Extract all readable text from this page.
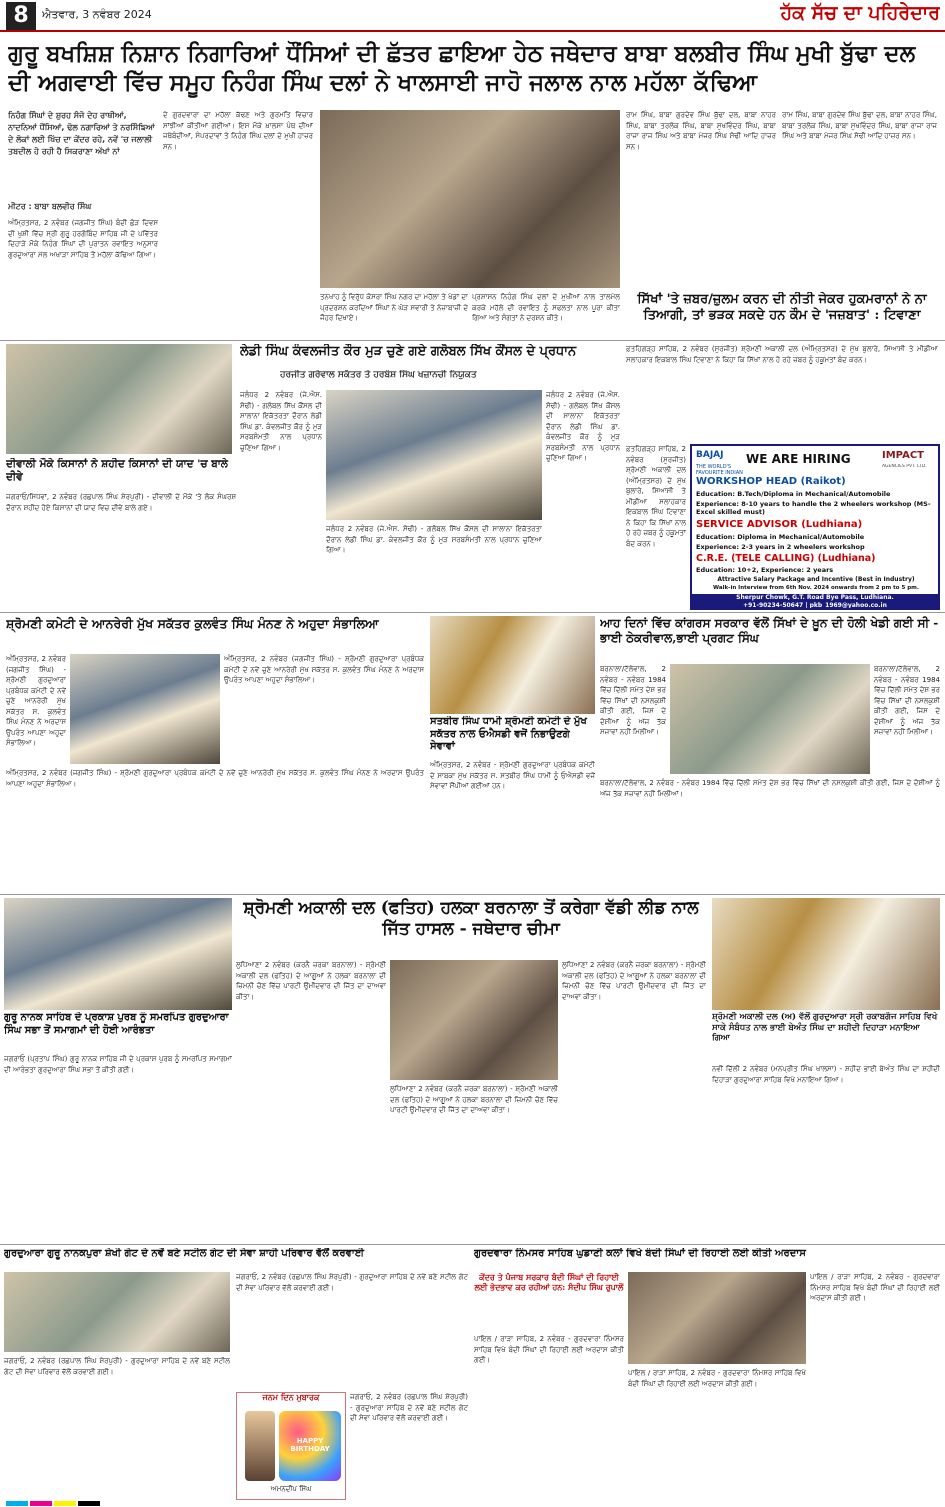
8	ਐਤਵਾਰ, 3 ਨਵੰਬਰ 2024	ਹੱਕ ਸੱਚ ਦਾ ਪਹਿਰੇਦਾਰ
ਗੁਰੂ ਬਖਸ਼ਿਸ਼ ਨਿਸ਼ਾਨ ਨਿਗਾਰਿਆਂ ਧੌਂਸਿਆਂ ਦੀ ਛੱਤਰ ਛਾਇਆ ਹੇਠ ਜਥੇਦਾਰ ਬਾਬਾ ਬਲਬੀਰ ਸਿੰਘ ਮੁਖੀ ਬੁੱਢਾ ਦਲ ਦੀ ਅਗਵਾਈ ਵਿੱਚ ਸਮੂਹ ਨਿਹੰਗ ਸਿੰਘ ਦਲਾਂ ਨੇ ਖਾਲਸਾਈ ਜਾਹੋ ਜਲਾਲ ਨਾਲ ਮਹੱਲਾ ਕੱਢਿਆ
ਨਿਹੰਗ ਸਿੰਘਾਂ ਦੇ ਸ਼ੁਰਹ ਸੰਜੋ ਦੇਹ ਰਾਥੀਆਂ, ਨਾਦਨਿਆਂ ਧੌਂਸਿਆਂ, ਢੋਲ ਨਗਾਰਿਆਂ ਤੇ ਨਰਸਿੰਙਿਆਂ ਦੇ ਲੋਕਾਂ ਲਈ ਖਿੱਚ ਦਾ ਕੇਂਦਰ ਰਹੇ, ਨਵੇਂ 'ਚ ਜਲਾਲੀ ਤਬਦੀਲ ਹੋ ਰਹੀ ਹੈ ਸਿਕਰਾਣਾ ਅੱਖਾਂ ਨਾਂ
ਮੀਟਰ : ਬਾਬਾ ਬਲਵੀਰ ਸਿੰਘ
ਅੰਮ੍ਰਿਤਸਰ, 2 ਨਵੰਬਰ (ਜਗਜੀਤ ਸਿੰਘ) ਬੰਦੀ ਛੋੜ ਦਿਵਸ ਦੀ ਖੁਸ਼ੀ ਵਿੱਚ ਸ੍ਰੀ ਗੁਰੂ ਹਰਗੋਬਿੰਦ ਸਾਹਿਬ ਜੀ ਦੇ ਪਵਿੱਤਰ ਦਿਹਾੜੇ ਮੌਕੇ ਨਿਹੰਗ ਸਿੰਘਾਂ ਦੀ ਪੁਰਾਤਨ ਰਵਾਇਤ ਅਨੁਸਾਰ ਗੁਰਦੁਆਰਾ ਮੱਲ ਅਖਾੜਾ ਸਾਹਿਬ ਤੋਂ ਮਹੱਲਾ ਕੱਢਿਆ ਗਿਆ।
ਦੇ ਗੁਰਦਵਾਰਾ ਦਾ ਮਹੱਲਾ ਕੱਢਣ ਅਤੇ ਗੁਰਮਤਿ ਵਿਚਾਰ ਸਾਂਝੀਆਂ ਕੀਤੀਆਂ ਗਈਆਂ। ਇਸ ਮੌਕੇ ਖ਼ਾਲਸਾ ਪੰਥ ਦੀਆਂ ਜਥੇਬੰਦੀਆਂ, ਸੰਪਰਦਾਵਾਂ ਤੇ ਨਿਹੰਗ ਸਿੰਘ ਦਲਾਂ ਦੇ ਮੁਖੀ ਹਾਜ਼ਰ ਸਨ।
ਤਨਖਾਹ ਨੂੰ ਵਿਰੁੱਧ ਕੋਸਰਾ ਸਿੰਘ ਨਗਰ ਦਾ ਮਹੱਲਾ ਤੇ ਖੇਡਾਂ ਦਾ ਪ੍ਰਦਰਸ਼ਨ ਕਰਦਿਆਂ ਸਿੰਘਾਂ ਨੇ ਘੋੜ ਸਵਾਰੀ ਤੇ ਨੇਜ਼ਾਬਾਜ਼ੀ ਦੇ ਜੌਹਰ ਦਿਖਾਏ।
ਪ੍ਰਸ਼ਾਸਨ ਨਿਹੰਗ ਸਿੰਘ ਦਲਾਂ ਦੇ ਮੁਖੀਆਂ ਨਾਲ ਤਾਲਮੇਲ ਕਰਕੇ ਮਹੱਲੇ ਦੀ ਰਵਾਇਤ ਨੂੰ ਸਫਲਤਾ ਨਾਲ ਪੂਰਾ ਕੀਤਾ ਗਿਆ ਅਤੇ ਸੰਗਤਾਂ ਨੇ ਦਰਸ਼ਨ ਕੀਤੇ।
ਰਾਮ ਸਿੰਘ, ਬਾਬਾ ਗੁਰਦੇਵ ਸਿੰਘ ਬੁੱਢਾ ਦਲ, ਬਾਬਾ ਨਾਹਰ ਸਿੰਘ, ਬਾਬਾ ਤਰਲੋਕ ਸਿੰਘ, ਬਾਬਾ ਸੁਖਵਿੰਦਰ ਸਿੰਘ, ਬਾਬਾ ਰਾਜਾ ਰਾਜ ਸਿੰਘ ਅਤੇ ਬਾਬਾ ਮੇਜਰ ਸਿੰਘ ਸੋਢੀ ਆਦਿ ਹਾਜ਼ਰ ਸਨ।
ਰਾਮ ਸਿੰਘ, ਬਾਬਾ ਗੁਰਦੇਵ ਸਿੰਘ ਬੁੱਢਾ ਦਲ, ਬਾਬਾ ਨਾਹਰ ਸਿੰਘ, ਬਾਬਾ ਤਰਲੋਕ ਸਿੰਘ, ਬਾਬਾ ਸੁਖਵਿੰਦਰ ਸਿੰਘ, ਬਾਬਾ ਰਾਜਾ ਰਾਜ ਸਿੰਘ ਅਤੇ ਬਾਬਾ ਮੇਜਰ ਸਿੰਘ ਸੋਢੀ ਆਦਿ ਹਾਜ਼ਰ ਸਨ।
ਸਿੱਖਾਂ 'ਤੇ ਜ਼ਬਰ/ਜ਼ੁਲਮ ਕਰਨ ਦੀ ਨੀਤੀ ਜੇਕਰ ਹੁਕਮਰਾਨਾਂ ਨੇ ਨਾ ਤਿਆਗੀ, ਤਾਂ ਭੜਕ ਸਕਦੇ ਹਨ ਕੌਮ ਦੇ 'ਜਜ਼ਬਾਤ' : ਟਿਵਾਣਾ
ਫ਼ਤਹਿਗੜ੍ਹ ਸਾਹਿਬ, 2 ਨਵੰਬਰ (ਸੁਰਜੀਤ) ਸ਼੍ਰੋਮਣੀ ਅਕਾਲੀ ਦਲ (ਅੰਮ੍ਰਿਤਸਰ) ਦੇ ਮੁੱਖ ਬੁਲਾਰੇ, ਸਿਆਸੀ ਤੇ ਮੀਡੀਆ ਸਲਾਹਕਾਰ ਇਕਬਾਲ ਸਿੰਘ ਟਿਵਾਣਾ ਨੇ ਕਿਹਾ ਕਿ ਸਿੱਖਾਂ ਨਾਲ ਹੋ ਰਹੇ ਜ਼ਬਰ ਨੂੰ ਹਕੂਮਤਾਂ ਬੰਦ ਕਰਨ।
ਲੇਡੀ ਸਿੰਘ ਕੰਵਲਜੀਤ ਕੌਰ ਮੁੜ ਚੁਣੇ ਗਏ ਗਲੋਬਲ ਸਿੱਖ ਕੌਂਸਲ ਦੇ ਪ੍ਰਧਾਨ
ਹਰਜੀਤ ਗਰੇਵਾਲ ਸਕੱਤਰ ਤੇ ਹਰਬੰਸ਼ ਸਿੰਘ ਖਜ਼ਾਨਚੀ ਨਿਯੁਕਤ
ਜਲੰਧਰ 2 ਨਵੰਬਰ (ਜੇ.ਐਸ. ਸੋਢੀ) - ਗਲੋਬਲ ਸਿੱਖ ਕੌਂਸਲ ਦੀ ਸਾਲਾਨਾ ਇਕੱਤਰਤਾ ਦੌਰਾਨ ਲੇਡੀ ਸਿੰਘ ਡਾ. ਕੰਵਲਜੀਤ ਕੌਰ ਨੂੰ ਮੁੜ ਸਰਬਸੰਮਤੀ ਨਾਲ ਪ੍ਰਧਾਨ ਚੁਣਿਆ ਗਿਆ।
ਜਲੰਧਰ 2 ਨਵੰਬਰ (ਜੇ.ਐਸ. ਸੋਢੀ) - ਗਲੋਬਲ ਸਿੱਖ ਕੌਂਸਲ ਦੀ ਸਾਲਾਨਾ ਇਕੱਤਰਤਾ ਦੌਰਾਨ ਲੇਡੀ ਸਿੰਘ ਡਾ. ਕੰਵਲਜੀਤ ਕੌਰ ਨੂੰ ਮੁੜ ਸਰਬਸੰਮਤੀ ਨਾਲ ਪ੍ਰਧਾਨ ਚੁਣਿਆ ਗਿਆ।
ਜਲੰਧਰ 2 ਨਵੰਬਰ (ਜੇ.ਐਸ. ਸੋਢੀ) - ਗਲੋਬਲ ਸਿੱਖ ਕੌਂਸਲ ਦੀ ਸਾਲਾਨਾ ਇਕੱਤਰਤਾ ਦੌਰਾਨ ਲੇਡੀ ਸਿੰਘ ਡਾ. ਕੰਵਲਜੀਤ ਕੌਰ ਨੂੰ ਮੁੜ ਸਰਬਸੰਮਤੀ ਨਾਲ ਪ੍ਰਧਾਨ ਚੁਣਿਆ ਗਿਆ।
ਦੀਵਾਲੀ ਮੌਕੇ ਕਿਸਾਨਾਂ ਨੇ ਸ਼ਹੀਦ ਕਿਸਾਨਾਂ ਦੀ ਯਾਦ 'ਚ ਬਾਲੇ ਦੀਵੇ
ਜਗਰਾਓਂ/ਸਿਧਵਾਂ, 2 ਨਵੰਬਰ (ਰਛਪਾਲ ਸਿੰਘ ਸ਼ੇਰਪੁਰੀ) - ਦੀਵਾਲੀ ਦੇ ਮੌਕੇ 'ਤੇ ਲੋਕ ਸੰਘਰਸ਼ ਦੌਰਾਨ ਸ਼ਹੀਦ ਹੋਏ ਕਿਸਾਨਾਂ ਦੀ ਯਾਦ ਵਿਚ ਦੀਵੇ ਬਾਲੇ ਗਏ।
BAJAJ
THE WORLD'S FAVOURITE INDIAN
WE ARE HIRING	IMPACT
AGENCIES PVT. LTD.
WORKSHOP HEAD (Raikot)
Education: B.Tech/Diploma in Mechanical/Automobile
Experience: 8-10 years to handle the 2 wheelers workshop (MS-Excel skilled must)
SERVICE ADVISOR (Ludhiana)
Education: Diploma in Mechanical/Automobile
Experience: 2-3 years in 2 wheelers workshop
C.R.E. (TELE CALLING) (Ludhiana)
Education: 10+2, Experience: 2 years
Attractive Salary Package and Incentive (Best in Industry)
Walk-in Interview from 6th Nov. 2024 onwards from 2 pm to 5 pm.
Sherpur Chowk, G.T. Road Bye Pass, Ludhiana.
+91-90234-50647 | pkb_1969@yahoo.co.in
ਫ਼ਤਹਿਗੜ੍ਹ ਸਾਹਿਬ, 2 ਨਵੰਬਰ (ਸੁਰਜੀਤ) ਸ਼੍ਰੋਮਣੀ ਅਕਾਲੀ ਦਲ (ਅੰਮ੍ਰਿਤਸਰ) ਦੇ ਮੁੱਖ ਬੁਲਾਰੇ, ਸਿਆਸੀ ਤੇ ਮੀਡੀਆ ਸਲਾਹਕਾਰ ਇਕਬਾਲ ਸਿੰਘ ਟਿਵਾਣਾ ਨੇ ਕਿਹਾ ਕਿ ਸਿੱਖਾਂ ਨਾਲ ਹੋ ਰਹੇ ਜ਼ਬਰ ਨੂੰ ਹਕੂਮਤਾਂ ਬੰਦ ਕਰਨ।
ਸ਼੍ਰੋਮਣੀ ਕਮੇਟੀ ਦੇ ਆਨਰੇਰੀ ਮੁੱਖ ਸਕੱਤਰ ਕੁਲਵੰਤ ਸਿੰਘ ਮੰਨਣ ਨੇ ਅਹੁਦਾ ਸੰਭਾਲਿਆ
ਅੰਮ੍ਰਿਤਸਰ, 2 ਨਵੰਬਰ (ਜਗਜੀਤ ਸਿੰਘ) - ਸ਼੍ਰੋਮਣੀ ਗੁਰਦੁਆਰਾ ਪ੍ਰਬੰਧਕ ਕਮੇਟੀ ਦੇ ਨਵੇਂ ਚੁਣੇ ਆਨਰੇਰੀ ਮੁੱਖ ਸਕੱਤਰ ਸ. ਕੁਲਵੰਤ ਸਿੰਘ ਮੰਨਣ ਨੇ ਅਰਦਾਸ ਉਪਰੰਤ ਆਪਣਾ ਅਹੁਦਾ ਸੰਭਾਲਿਆ।
ਅੰਮ੍ਰਿਤਸਰ, 2 ਨਵੰਬਰ (ਜਗਜੀਤ ਸਿੰਘ) - ਸ਼੍ਰੋਮਣੀ ਗੁਰਦੁਆਰਾ ਪ੍ਰਬੰਧਕ ਕਮੇਟੀ ਦੇ ਨਵੇਂ ਚੁਣੇ ਆਨਰੇਰੀ ਮੁੱਖ ਸਕੱਤਰ ਸ. ਕੁਲਵੰਤ ਸਿੰਘ ਮੰਨਣ ਨੇ ਅਰਦਾਸ ਉਪਰੰਤ ਆਪਣਾ ਅਹੁਦਾ ਸੰਭਾਲਿਆ।
ਅੰਮ੍ਰਿਤਸਰ, 2 ਨਵੰਬਰ (ਜਗਜੀਤ ਸਿੰਘ) - ਸ਼੍ਰੋਮਣੀ ਗੁਰਦੁਆਰਾ ਪ੍ਰਬੰਧਕ ਕਮੇਟੀ ਦੇ ਨਵੇਂ ਚੁਣੇ ਆਨਰੇਰੀ ਮੁੱਖ ਸਕੱਤਰ ਸ. ਕੁਲਵੰਤ ਸਿੰਘ ਮੰਨਣ ਨੇ ਅਰਦਾਸ ਉਪਰੰਤ ਆਪਣਾ ਅਹੁਦਾ ਸੰਭਾਲਿਆ।
ਸਤਬੀਰ ਸਿੰਘ ਧਾਮੀ ਸ਼੍ਰੋਮਣੀ ਕਮੇਟੀ ਦੇ ਮੁੱਖ ਸਕੱਤਰ ਨਾਲ ਓਐਸਡੀ ਵਜੋਂ ਨਿਭਾਉਣਗੇ ਸੇਵਾਵਾਂ
ਅੰਮ੍ਰਿਤਸਰ, 2 ਨਵੰਬਰ - ਸ਼੍ਰੋਮਣੀ ਗੁਰਦੁਆਰਾ ਪ੍ਰਬੰਧਕ ਕਮੇਟੀ ਦੇ ਸਾਬਕਾ ਮੁੱਖ ਸਕੱਤਰ ਸ. ਸਤਬੀਰ ਸਿੰਘ ਧਾਮੀ ਨੂੰ ਓਐਸਡੀ ਵਜੋਂ ਸੇਵਾਵਾਂ ਸੌਂਪੀਆਂ ਗਈਆਂ ਹਨ।
ਆਹ ਦਿਨਾਂ ਵਿੱਚ ਕਾਂਗਰਸ ਸਰਕਾਰ ਵੱਲੋਂ ਸਿੱਖਾਂ ਦੇ ਖ਼ੂਨ ਦੀ ਹੋਲੀ ਖੇਡੀ ਗਈ ਸੀ - ਭਾਈ ਠੇਕਰੀਵਾਲ,ਭਾਈ ਪ੍ਰਗਟ ਸਿੰਘ
ਬਰਨਾਲਾ/ਟੱਲੇਵਾਲ, 2 ਨਵੰਬਰ - ਨਵੰਬਰ 1984 ਵਿੱਚ ਦਿੱਲੀ ਸਮੇਤ ਦੇਸ਼ ਭਰ ਵਿੱਚ ਸਿੱਖਾਂ ਦੀ ਨਸਲਕੁਸ਼ੀ ਕੀਤੀ ਗਈ, ਜਿਸ ਦੇ ਦੋਸ਼ੀਆਂ ਨੂੰ ਅੱਜ ਤੱਕ ਸਜ਼ਾਵਾਂ ਨਹੀਂ ਮਿਲੀਆਂ।
ਬਰਨਾਲਾ/ਟੱਲੇਵਾਲ, 2 ਨਵੰਬਰ - ਨਵੰਬਰ 1984 ਵਿੱਚ ਦਿੱਲੀ ਸਮੇਤ ਦੇਸ਼ ਭਰ ਵਿੱਚ ਸਿੱਖਾਂ ਦੀ ਨਸਲਕੁਸ਼ੀ ਕੀਤੀ ਗਈ, ਜਿਸ ਦੇ ਦੋਸ਼ੀਆਂ ਨੂੰ ਅੱਜ ਤੱਕ ਸਜ਼ਾਵਾਂ ਨਹੀਂ ਮਿਲੀਆਂ।
ਬਰਨਾਲਾ/ਟੱਲੇਵਾਲ, 2 ਨਵੰਬਰ - ਨਵੰਬਰ 1984 ਵਿੱਚ ਦਿੱਲੀ ਸਮੇਤ ਦੇਸ਼ ਭਰ ਵਿੱਚ ਸਿੱਖਾਂ ਦੀ ਨਸਲਕੁਸ਼ੀ ਕੀਤੀ ਗਈ, ਜਿਸ ਦੇ ਦੋਸ਼ੀਆਂ ਨੂੰ ਅੱਜ ਤੱਕ ਸਜ਼ਾਵਾਂ ਨਹੀਂ ਮਿਲੀਆਂ।
ਸ਼੍ਰੋਮਣੀ ਅਕਾਲੀ ਦਲ (ਫਤਿਹ) ਹਲਕਾ ਬਰਨਾਲਾ ਤੋਂ ਕਰੇਗਾ ਵੱਡੀ ਲੀਡ ਨਾਲ ਜਿੱਤ ਹਾਸਲ - ਜਥੇਦਾਰ ਚੀਮਾ
ਲੁਧਿਆਣਾ 2 ਨਵੰਬਰ (ਕਰਨੈ ਜ਼ਰਕਾ ਬਰਨਾਲਾ) - ਸ਼੍ਰੋਮਣੀ ਅਕਾਲੀ ਦਲ (ਫਤਿਹ) ਦੇ ਆਗੂਆਂ ਨੇ ਹਲਕਾ ਬਰਨਾਲਾ ਦੀ ਜ਼ਿਮਨੀ ਚੋਣ ਵਿੱਚ ਪਾਰਟੀ ਉਮੀਦਵਾਰ ਦੀ ਜਿੱਤ ਦਾ ਦਾਅਵਾ ਕੀਤਾ।
ਲੁਧਿਆਣਾ 2 ਨਵੰਬਰ (ਕਰਨੈ ਜ਼ਰਕਾ ਬਰਨਾਲਾ) - ਸ਼੍ਰੋਮਣੀ ਅਕਾਲੀ ਦਲ (ਫਤਿਹ) ਦੇ ਆਗੂਆਂ ਨੇ ਹਲਕਾ ਬਰਨਾਲਾ ਦੀ ਜ਼ਿਮਨੀ ਚੋਣ ਵਿੱਚ ਪਾਰਟੀ ਉਮੀਦਵਾਰ ਦੀ ਜਿੱਤ ਦਾ ਦਾਅਵਾ ਕੀਤਾ।
ਲੁਧਿਆਣਾ 2 ਨਵੰਬਰ (ਕਰਨੈ ਜ਼ਰਕਾ ਬਰਨਾਲਾ) - ਸ਼੍ਰੋਮਣੀ ਅਕਾਲੀ ਦਲ (ਫਤਿਹ) ਦੇ ਆਗੂਆਂ ਨੇ ਹਲਕਾ ਬਰਨਾਲਾ ਦੀ ਜ਼ਿਮਨੀ ਚੋਣ ਵਿੱਚ ਪਾਰਟੀ ਉਮੀਦਵਾਰ ਦੀ ਜਿੱਤ ਦਾ ਦਾਅਵਾ ਕੀਤਾ।
ਗੁਰੂ ਨਾਨਕ ਸਾਹਿਬ ਦੇ ਪ੍ਰਕਾਸ਼ ਪੁਰਬ ਨੂੰ ਸਮਰਪਿਤ ਗੁਰਦੁਆਰਾ ਸਿੰਘ ਸਭਾ ਤੋਂ ਸਮਾਗਮਾਂ ਦੀ ਹੋਈ ਆਰੰਭਤਾ
ਜਗਰਾਓਂ (ਪ੍ਰਤਾਪ ਸਿੰਘ) ਗੁਰੂ ਨਾਨਕ ਸਾਹਿਬ ਜੀ ਦੇ ਪ੍ਰਕਾਸ਼ ਪੁਰਬ ਨੂੰ ਸਮਰਪਿਤ ਸਮਾਗਮਾਂ ਦੀ ਆਰੰਭਤਾ ਗੁਰਦੁਆਰਾ ਸਿੰਘ ਸਭਾ ਤੋਂ ਕੀਤੀ ਗਈ।
ਸ਼੍ਰੋਮਣੀ ਅਕਾਲੀ ਦਲ (ਅ) ਵੱਲੋਂ ਗੁਰਦੁਆਰਾ ਸ੍ਰੀ ਰਕਾਬਗੰਜ ਸਾਹਿਬ ਵਿਖੇ ਸਾਕੇ ਸੰਬੰਧਤ ਨਾਲ ਭਾਈ ਬੇਅੰਤ ਸਿੰਘ ਦਾ ਸ਼ਹੀਦੀ ਦਿਹਾੜਾ ਮਨਾਇਆ ਗਿਆ
ਨਵੀਂ ਦਿੱਲੀ 2 ਨਵੰਬਰ (ਮਨਪ੍ਰੀਤ ਸਿੰਘ ਖਾਲਸਾ) - ਸ਼ਹੀਦ ਭਾਈ ਬੇਅੰਤ ਸਿੰਘ ਦਾ ਸ਼ਹੀਦੀ ਦਿਹਾੜਾ ਗੁਰਦੁਆਰਾ ਸਾਹਿਬ ਵਿਖੇ ਮਨਾਇਆ ਗਿਆ।
ਗੁਰਦੁਆਰਾ ਗੁਰੂ ਨਾਨਕਪੁਰਾ ਸ਼ੇਖੀ ਗੇਟ ਦੇ ਨਵੇਂ ਬਣੇ ਸਟੀਲ ਗੇਟ ਦੀ ਸੇਵਾ ਸ਼ਾਹੀ ਪਰਿਵਾਰ ਵੱਲੋਂ ਕਰਵਾਈ
ਜਗਰਾਓਂ, 2 ਨਵੰਬਰ (ਰਛਪਾਲ ਸਿੰਘ ਸ਼ੇਰਪੁਰੀ) - ਗੁਰਦੁਆਰਾ ਸਾਹਿਬ ਦੇ ਨਵੇਂ ਬਣੇ ਸਟੀਲ ਗੇਟ ਦੀ ਸੇਵਾ ਪਰਿਵਾਰ ਵੱਲੋਂ ਕਰਵਾਈ ਗਈ।
ਜਗਰਾਓਂ, 2 ਨਵੰਬਰ (ਰਛਪਾਲ ਸਿੰਘ ਸ਼ੇਰਪੁਰੀ) - ਗੁਰਦੁਆਰਾ ਸਾਹਿਬ ਦੇ ਨਵੇਂ ਬਣੇ ਸਟੀਲ ਗੇਟ ਦੀ ਸੇਵਾ ਪਰਿਵਾਰ ਵੱਲੋਂ ਕਰਵਾਈ ਗਈ।
ਜਨਮ ਦਿਨ ਮੁਬਾਰਕ
HAPPY BIRTHDAY
ਅਮਨਦੀਪ ਸਿੰਘ
ਜਗਰਾਓਂ, 2 ਨਵੰਬਰ (ਰਛਪਾਲ ਸਿੰਘ ਸ਼ੇਰਪੁਰੀ) - ਗੁਰਦੁਆਰਾ ਸਾਹਿਬ ਦੇ ਨਵੇਂ ਬਣੇ ਸਟੀਲ ਗੇਟ ਦੀ ਸੇਵਾ ਪਰਿਵਾਰ ਵੱਲੋਂ ਕਰਵਾਈ ਗਈ।
ਗੁਰਦਵਾਰਾ ਨਿੰਮਸਰ ਸਾਹਿਬ ਘੁਡਾਣੀ ਕਲਾਂ ਵਿਖੇ ਬੰਦੀ ਸਿੰਘਾਂ ਦੀ ਰਿਹਾਈ ਲਈ ਕੀਤੀ ਅਰਦਾਸ
ਕੇਂਦਰ ਤੇ ਪੰਜਾਬ ਸਰਕਾਰ ਬੰਦੀ ਸਿੰਘਾਂ ਦੀ ਰਿਹਾਈ ਲਈ ਭੇਦਭਾਵ ਕਰ ਰਹੀਆਂ ਹਨ: ਸੰਦੀਪ ਸਿੰਘ ਰੁਪਾਲੋਂ
ਪਾਇਲ / ਰਾੜਾ ਸਾਹਿਬ, 2 ਨਵੰਬਰ - ਗੁਰਦਵਾਰਾ ਨਿੰਮਸਰ ਸਾਹਿਬ ਵਿਖੇ ਬੰਦੀ ਸਿੰਘਾਂ ਦੀ ਰਿਹਾਈ ਲਈ ਅਰਦਾਸ ਕੀਤੀ ਗਈ।
ਪਾਇਲ / ਰਾੜਾ ਸਾਹਿਬ, 2 ਨਵੰਬਰ - ਗੁਰਦਵਾਰਾ ਨਿੰਮਸਰ ਸਾਹਿਬ ਵਿਖੇ ਬੰਦੀ ਸਿੰਘਾਂ ਦੀ ਰਿਹਾਈ ਲਈ ਅਰਦਾਸ ਕੀਤੀ ਗਈ।
ਪਾਇਲ / ਰਾੜਾ ਸਾਹਿਬ, 2 ਨਵੰਬਰ - ਗੁਰਦਵਾਰਾ ਨਿੰਮਸਰ ਸਾਹਿਬ ਵਿਖੇ ਬੰਦੀ ਸਿੰਘਾਂ ਦੀ ਰਿਹਾਈ ਲਈ ਅਰਦਾਸ ਕੀਤੀ ਗਈ।
